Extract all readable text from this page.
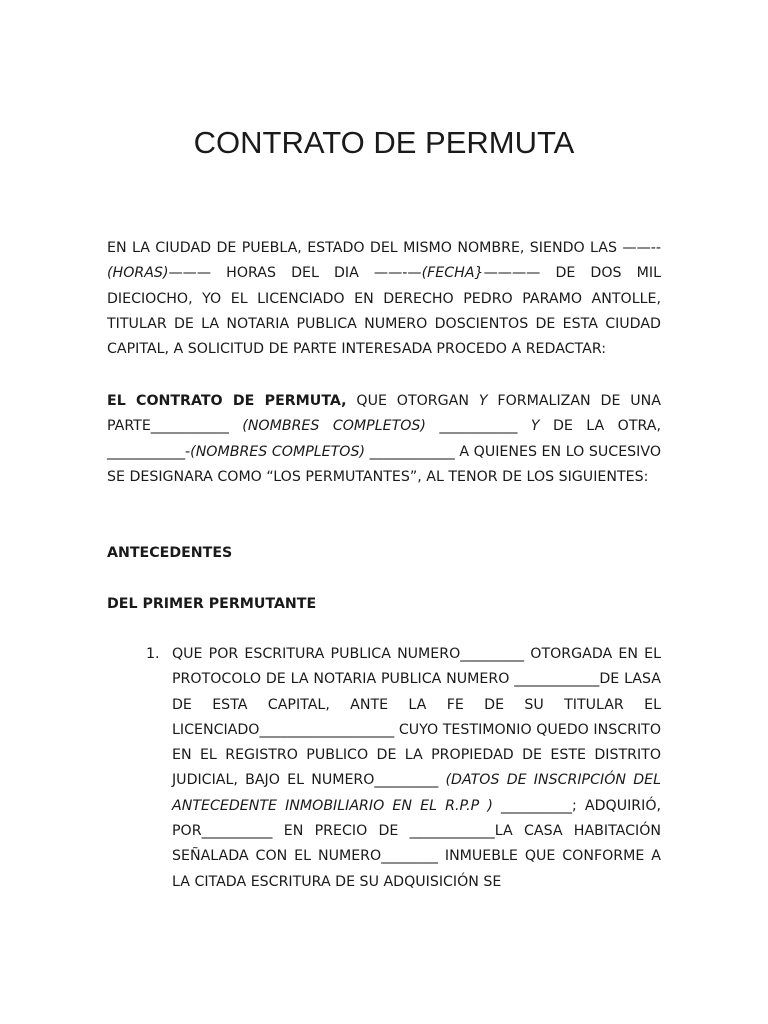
CONTRATO DE PERMUTA

EN LA CIUDAD DE PUEBLA, ESTADO DEL MISMO NOMBRE, SIENDO LAS ——--(HORAS)——— HORAS DEL DIA ——-—(FECHA}———— DE DOS MIL DIECIOCHO, YO EL LICENCIADO EN DERECHO PEDRO PARAMO ANTOLLE, TITULAR DE LA NOTARIA PUBLICA NUMERO DOSCIENTOS DE ESTA CIUDAD CAPITAL, A SOLICITUD DE PARTE INTERESADA PROCEDO A REDACTAR:

EL CONTRATO DE PERMUTA, QUE OTORGAN Y FORMALIZAN DE UNA PARTE___________ (NOMBRES COMPLETOS) ___________ Y DE LA OTRA, ___________-(NOMBRES COMPLETOS) ____________ A QUIENES EN LO SUCESIVO SE DESIGNARA COMO “LOS PERMUTANTES”, AL TENOR DE LOS SIGUIENTES:

ANTECEDENTES
DEL PRIMER PERMUTANTE
1. QUE POR ESCRITURA PUBLICA NUMERO_________ OTORGADA EN EL PROTOCOLO DE LA NOTARIA PUBLICA NUMERO ____________DE LASA DE ESTA CAPITAL, ANTE LA FE DE SU TITULAR EL LICENCIADO___________________ CUYO TESTIMONIO QUEDO INSCRITO EN EL REGISTRO PUBLICO DE LA PROPIEDAD DE ESTE DISTRITO JUDICIAL, BAJO EL NUMERO_________ (DATOS DE INSCRIPCIÓN DEL ANTECEDENTE INMOBILIARIO EN EL R.P.P ) __________; ADQUIRIÓ, POR__________ EN PRECIO DE ____________LA CASA HABITACIÓN SEÑALADA CON EL NUMERO________ INMUEBLE QUE CONFORME A LA CITADA ESCRITURA DE SU ADQUISICIÓN SE
